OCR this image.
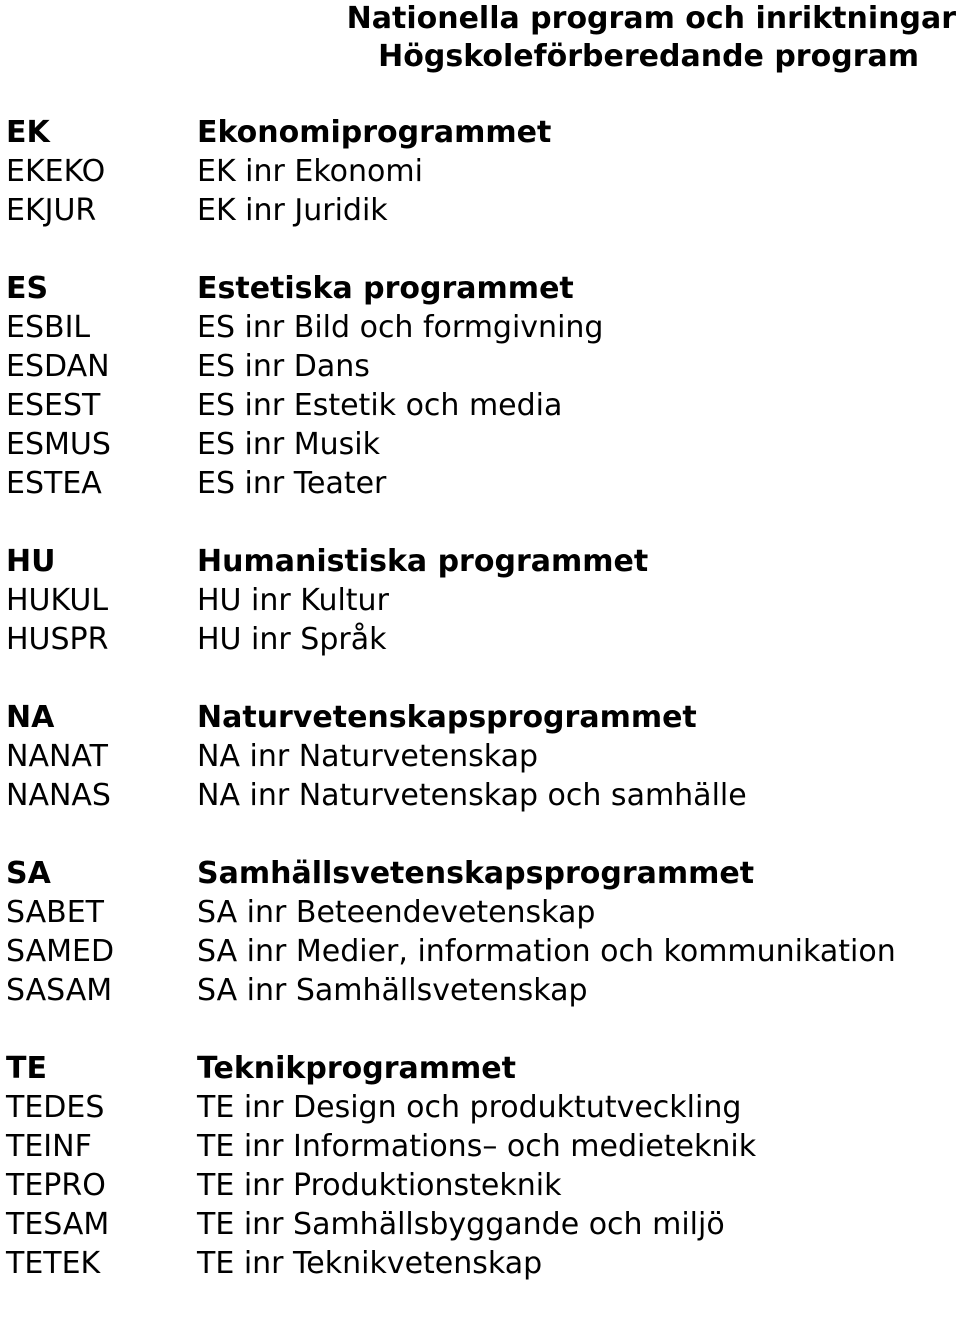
Nationella program och inriktningar
Högskoleförberedande program
EK	Ekonomiprogrammet
EKEKO	EK inr Ekonomi
EKJUR	EK inr Juridik
ES	Estetiska programmet
ESBIL	ES inr Bild och formgivning
ESDAN	ES inr Dans
ESEST	ES inr Estetik och media
ESMUS	ES inr Musik
ESTEA	ES inr Teater
HU	Humanistiska programmet
HUKUL	HU inr Kultur
HUSPR	HU inr Språk
NA	Naturvetenskapsprogrammet
NANAT	NA inr Naturvetenskap
NANAS	NA inr Naturvetenskap och samhälle
SA	Samhällsvetenskapsprogrammet
SABET	SA inr Beteendevetenskap
SAMED	SA inr Medier, information och kommunikation
SASAM	SA inr Samhällsvetenskap
TE	Teknikprogrammet
TEDES	TE inr Design och produktutveckling
TEINF	TE inr Informations– och medieteknik
TEPRO	TE inr Produktionsteknik
TESAM	TE inr Samhällsbyggande och miljö
TETEK	TE inr Teknikvetenskap
